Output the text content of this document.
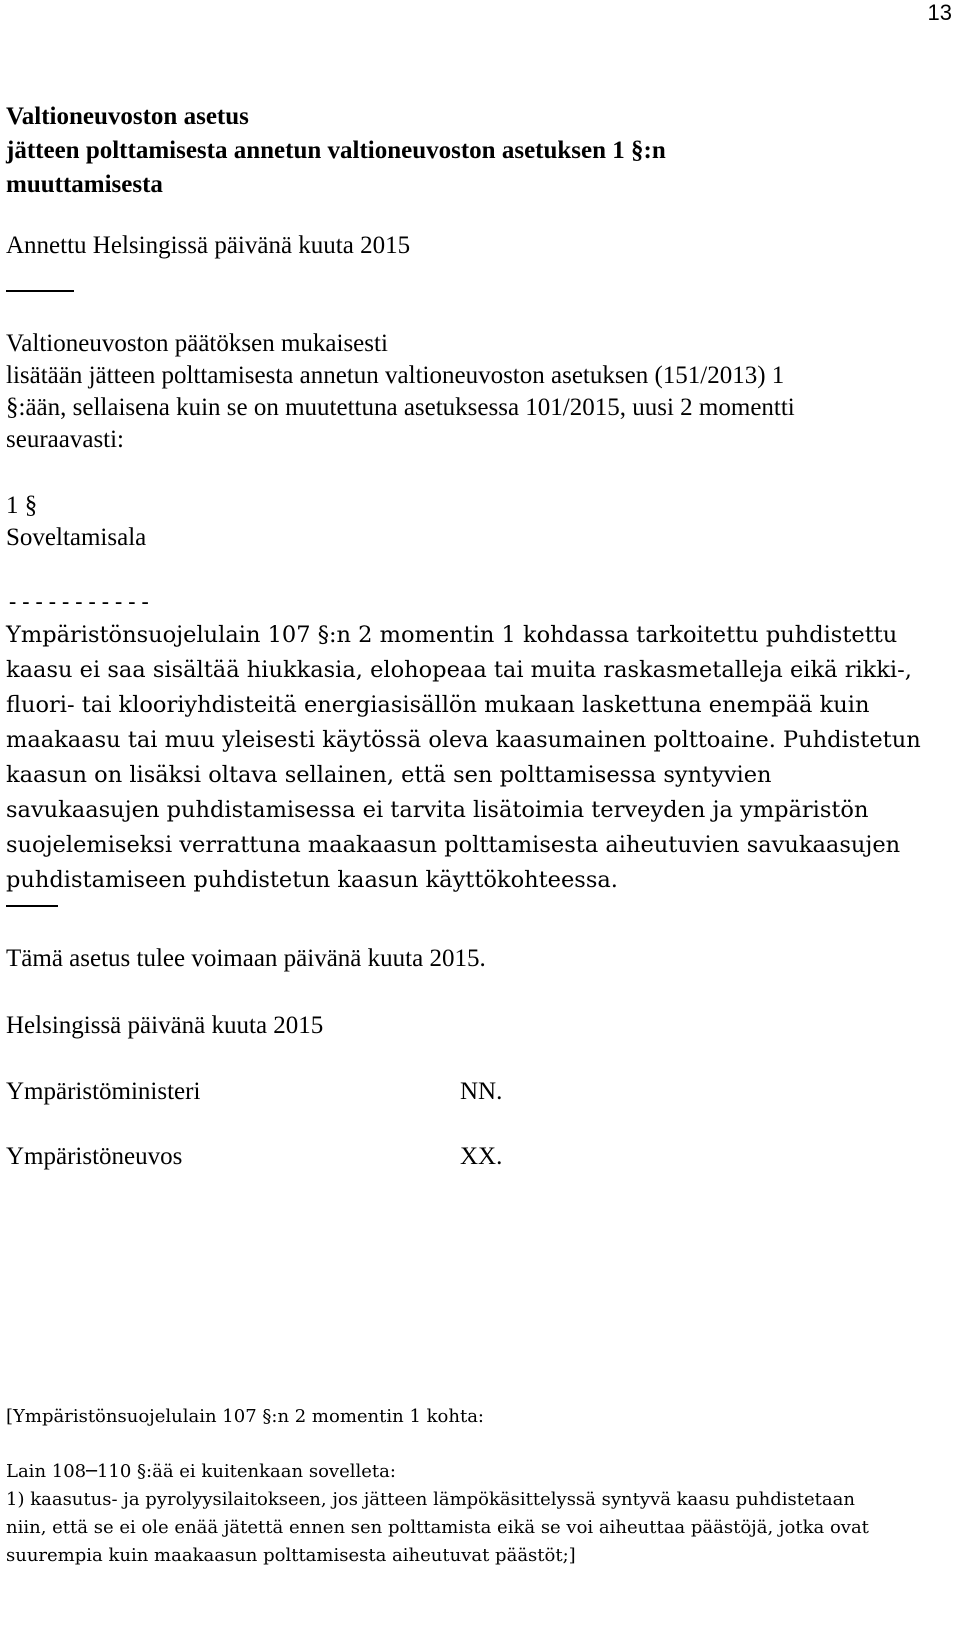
13
Valtioneuvoston asetus
jätteen polttamisesta annetun valtioneuvoston asetuksen 1 §:n
muuttamisesta
Annettu Helsingissä päivänä kuuta 2015
Valtioneuvoston päätöksen mukaisesti
lisätään jätteen polttamisesta annetun valtioneuvoston asetuksen (151/2013) 1
§:ään, sellaisena kuin se on muutettuna asetuksessa 101/2015, uusi 2 momentti
seuraavasti:
1 §
Soveltamisala
-----------
Ympäristönsuojelulain 107 §:n 2 momentin 1 kohdassa tarkoitettu puhdistettu
kaasu ei saa sisältää hiukkasia, elohopeaa tai muita raskasmetalleja eikä rikki-,
fluori- tai klooriyhdisteitä energiasisällön mukaan laskettuna enempää kuin
maakaasu tai muu yleisesti käytössä oleva kaasumainen polttoaine. Puhdistetun
kaasun on lisäksi oltava sellainen, että sen polttamisessa syntyvien
savukaasujen puhdistamisessa ei tarvita lisätoimia terveyden ja ympäristön
suojelemiseksi verrattuna maakaasun polttamisesta aiheutuvien savukaasujen
puhdistamiseen puhdistetun kaasun käyttökohteessa.
Tämä asetus tulee voimaan päivänä kuuta 2015.
Helsingissä päivänä kuuta 2015
Ympäristöministeri	NN.
Ympäristöneuvos	XX.
[Ympäristönsuojelulain 107 §:n 2 momentin 1 kohta:
Lain 108─110 §:ää ei kuitenkaan sovelleta:
1) kaasutus- ja pyrolyysilaitokseen, jos jätteen lämpökäsittelyssä syntyvä kaasu puhdistetaan
niin, että se ei ole enää jätettä ennen sen polttamista eikä se voi aiheuttaa päästöjä, jotka ovat
suurempia kuin maakaasun polttamisesta aiheutuvat päästöt;]
